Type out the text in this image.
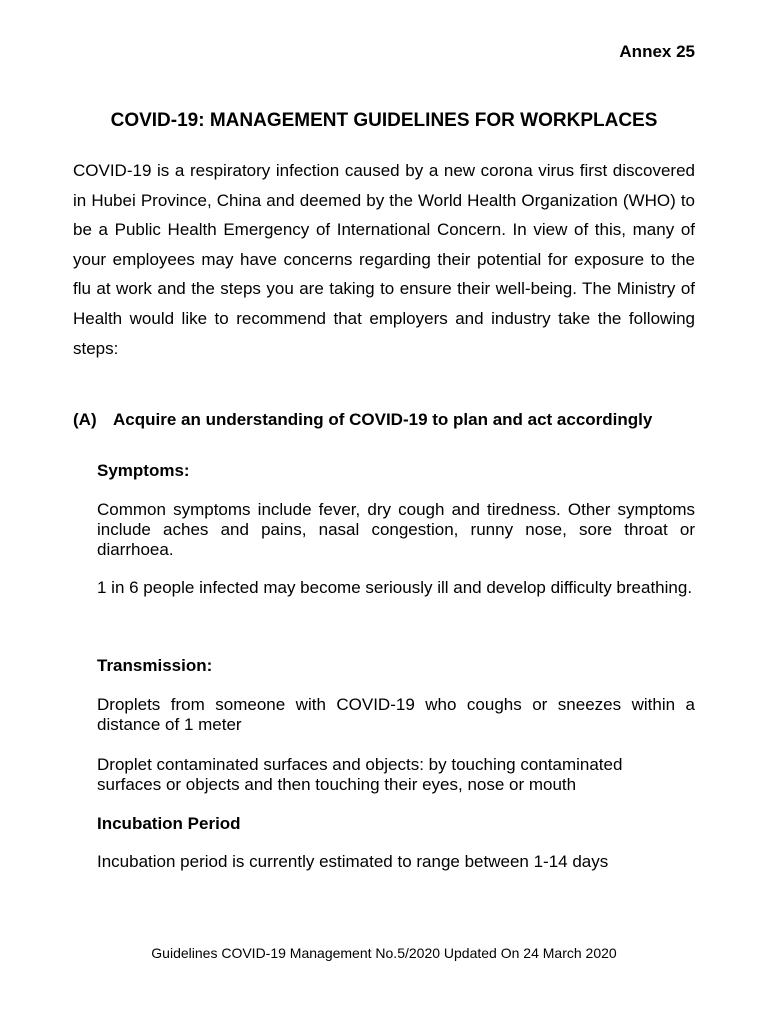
Annex 25
COVID-19: MANAGEMENT GUIDELINES FOR WORKPLACES
COVID-19 is a respiratory infection caused by a new corona virus first discovered in Hubei Province, China and deemed by the World Health Organization (WHO) to be a Public Health Emergency of International Concern. In view of this, many of your employees may have concerns regarding their potential for exposure to the flu at work and the steps you are taking to ensure their well-being. The Ministry of Health would like to recommend that employers and industry take the following steps:
(A) Acquire an understanding of COVID-19 to plan and act accordingly
Symptoms:
Common symptoms include fever, dry cough and tiredness. Other symptoms include aches and pains, nasal congestion, runny nose, sore throat or diarrhoea.
1 in 6 people infected may become seriously ill and develop difficulty breathing.
Transmission:
Droplets from someone with COVID-19 who coughs or sneezes within a distance of 1 meter
Droplet contaminated surfaces and objects: by touching contaminated
surfaces or objects and then touching their eyes, nose or mouth
Incubation Period
Incubation period is currently estimated to range between 1-14 days
Guidelines COVID-19 Management No.5/2020 Updated On 24 March 2020
